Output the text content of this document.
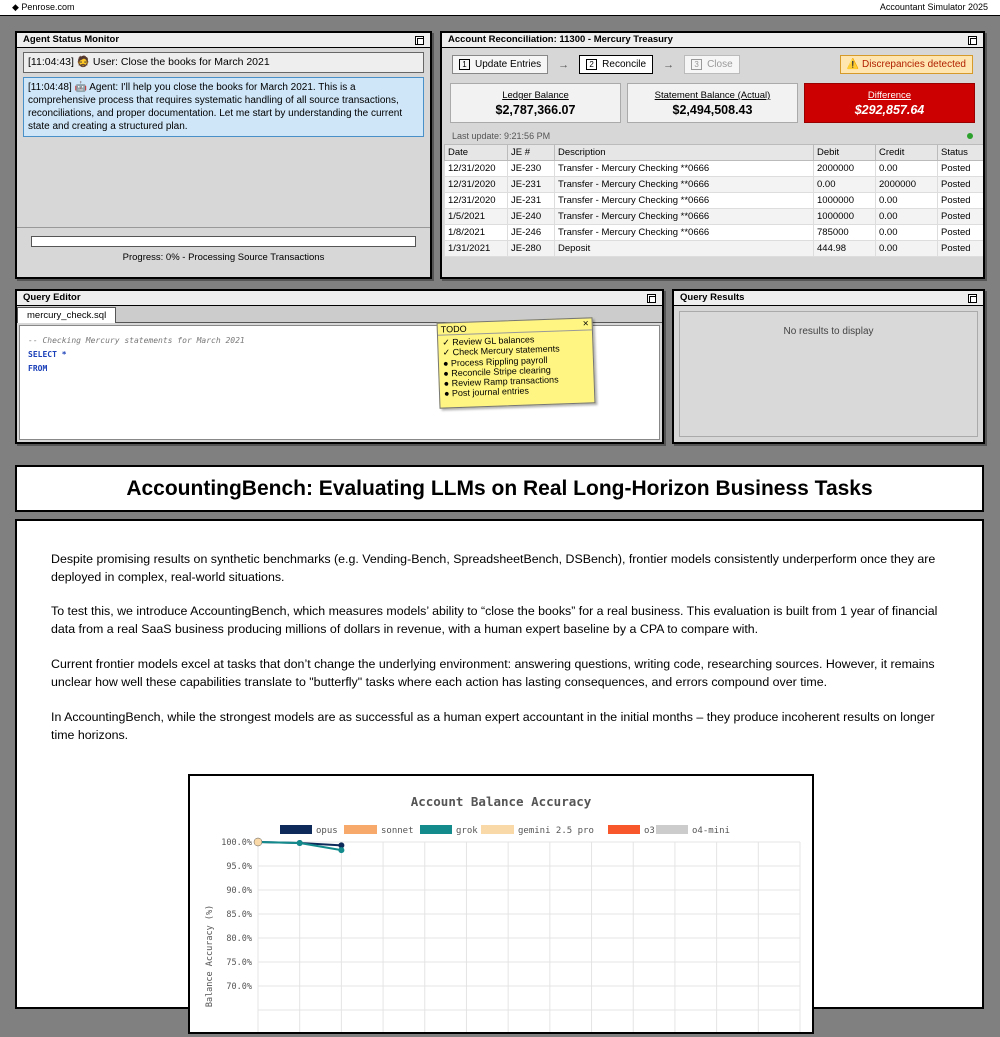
◆ Penrose.com	Accountant Simulator 2025
Agent Status Monitor
[11:04:43] 🧔 User: Close the books for March 2021
[11:04:48] 🤖 Agent: I'll help you close the books for March 2021. This is a comprehensive process that requires systematic handling of all source transactions, reconciliations, and proper documentation. Let me start by understanding the current state and creating a structured plan.
Progress: 0% - Processing Source Transactions
Account Reconciliation: 11300 - Mercury Treasury
1 Update Entries →	2 Reconcile →	3 Close	⚠️ Discrepancies detected
Ledger Balance
$2,787,366.07
Statement Balance (Actual)
$2,494,508.43
Difference
$292,857.64
Last update: 9:21:56 PM
Date	JE #	Description	Debit	Credit	Status
12/31/2020	JE-230	Transfer - Mercury Checking **0666	2000000	0.00	Posted
12/31/2020	JE-231	Transfer - Mercury Checking **0666	0.00	2000000	Posted
12/31/2020	JE-231	Transfer - Mercury Checking **0666	1000000	0.00	Posted
1/5/2021	JE-240	Transfer - Mercury Checking **0666	1000000	0.00	Posted
1/8/2021	JE-246	Transfer - Mercury Checking **0666	785000	0.00	Posted
1/31/2021	JE-280	Deposit	444.98	0.00	Posted
Query Editor
mercury_check.sql
-- Checking Mercury statements for March 2021
SELECT *
FROM
TODO	×
✓ Review GL balances
✓ Check Mercury statements
● Process Rippling payroll
● Reconcile Stripe clearing
● Review Ramp transactions
● Post journal entries
Query Results
No results to display
AccountingBench: Evaluating LLMs on Real Long-Horizon Business Tasks

Despite promising results on synthetic benchmarks (e.g. Vending-Bench, SpreadsheetBench, DSBench), frontier models consistently underperform once they are deployed in complex, real-world situations.

To test this, we introduce AccountingBench, which measures models’ ability to “close the books” for a real business. This evaluation is built from 1 year of financial data from a real SaaS business producing millions of dollars in revenue, with a human expert baseline by a CPA to compare with.

Current frontier models excel at tasks that don’t change the underlying environment: answering questions, writing code, researching sources. However, it remains unclear how well these capabilities translate to "butterfly" tasks where each action has lasting consequences, and errors compound over time.

In AccountingBench, while the strongest models are as successful as a human expert accountant in the initial months – they produce incoherent results on longer time horizons.

Account Balance Accuracy
opus	sonnet	grok	gemini 2.5 pro	o3	o4-mini
100.0%
95.0%
90.0%
85.0%
80.0%
75.0%
70.0%
Balance Accuracy (%)
